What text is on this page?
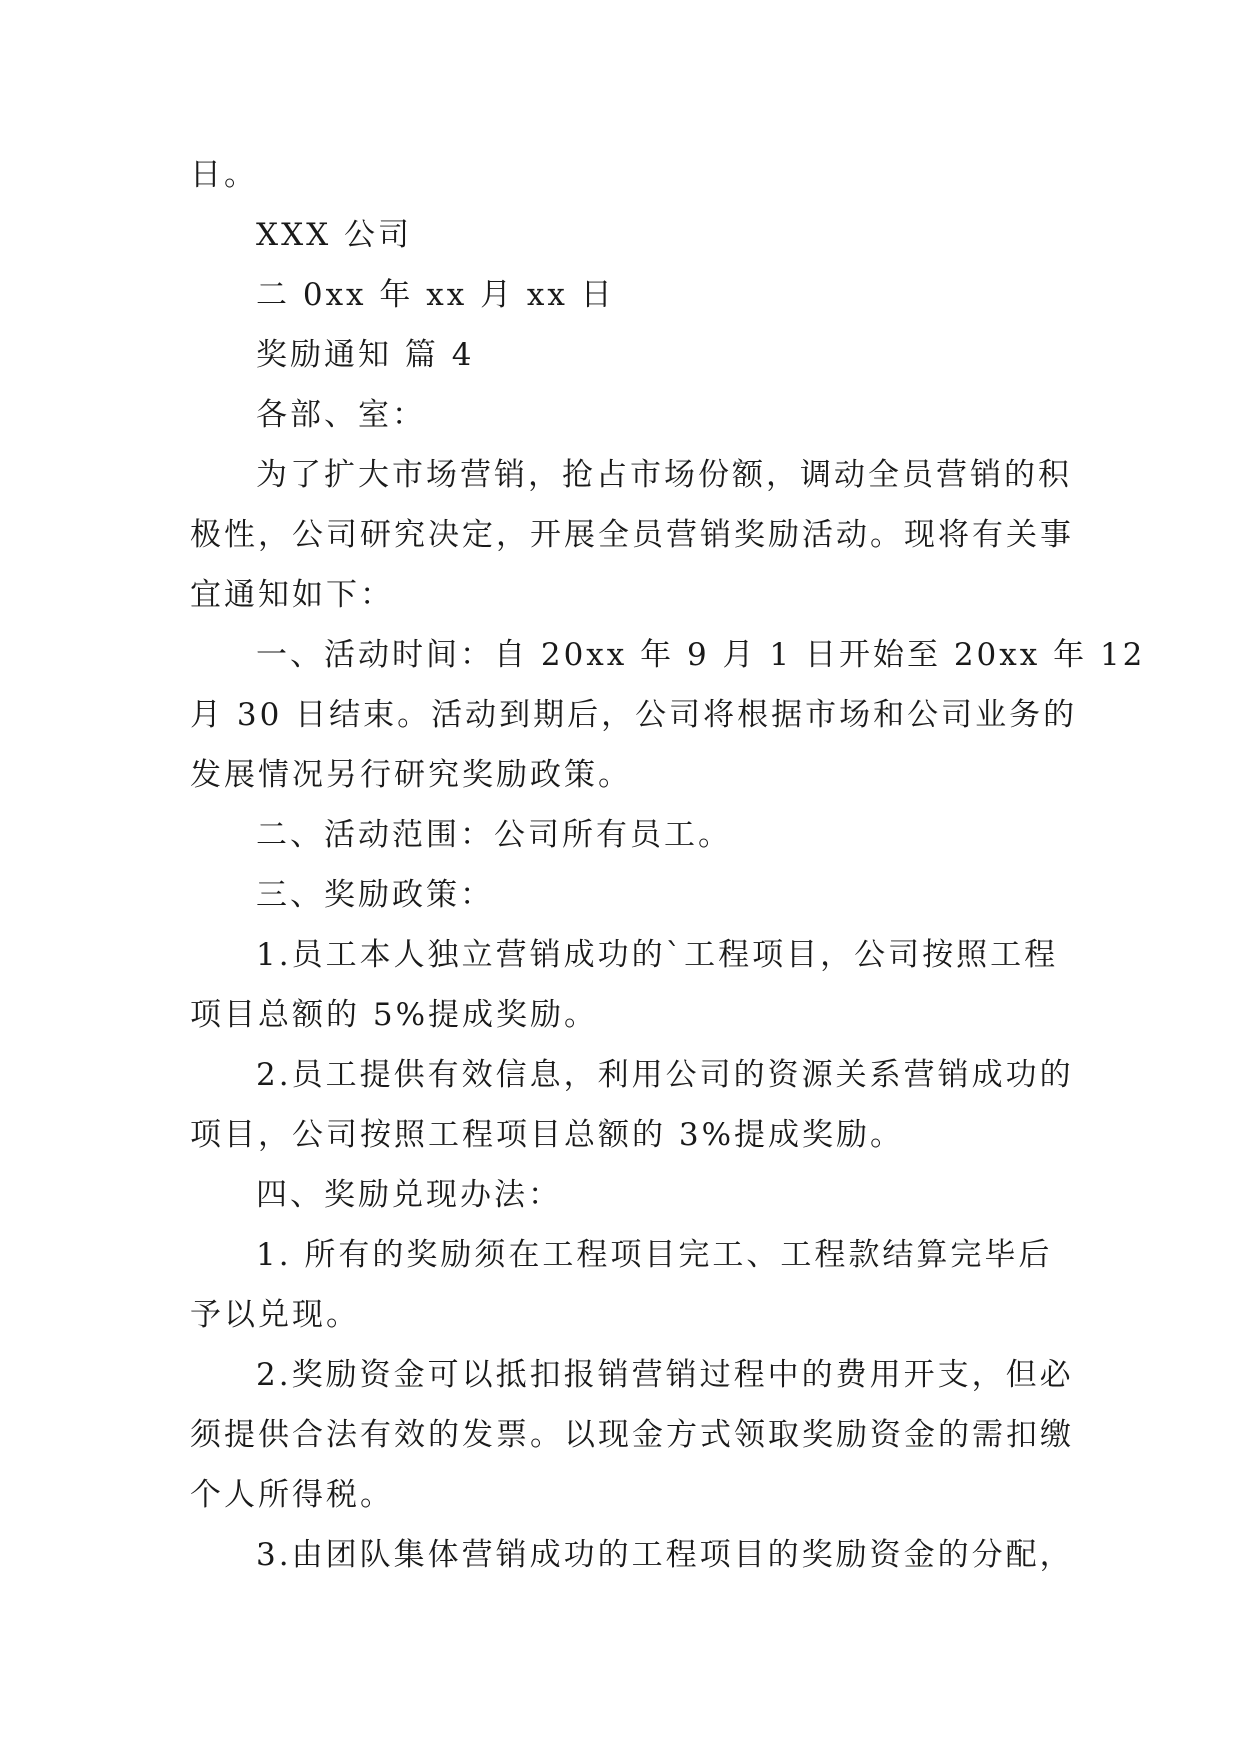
日。
XXX 公司
二 0xx 年 xx 月 xx 日
奖励通知 篇 4
各部、室：
为了扩大市场营销，抢占市场份额，调动全员营销的积
极性，公司研究决定，开展全员营销奖励活动。现将有关事
宜通知如下：
一、活动时间：自 20xx 年 9 月 1 日开始至 20xx 年 12
月 30 日结束。活动到期后，公司将根据市场和公司业务的
发展情况另行研究奖励政策。
二、活动范围：公司所有员工。
三、奖励政策：
1.员工本人独立营销成功的`工程项目，公司按照工程
项目总额的 5%提成奖励。
2.员工提供有效信息，利用公司的资源关系营销成功的
项目，公司按照工程项目总额的 3%提成奖励。
四、奖励兑现办法：
1. 所有的奖励须在工程项目完工、工程款结算完毕后
予以兑现。
2.奖励资金可以抵扣报销营销过程中的费用开支，但必
须提供合法有效的发票。以现金方式领取奖励资金的需扣缴
个人所得税。
3.由团队集体营销成功的工程项目的奖励资金的分配，
